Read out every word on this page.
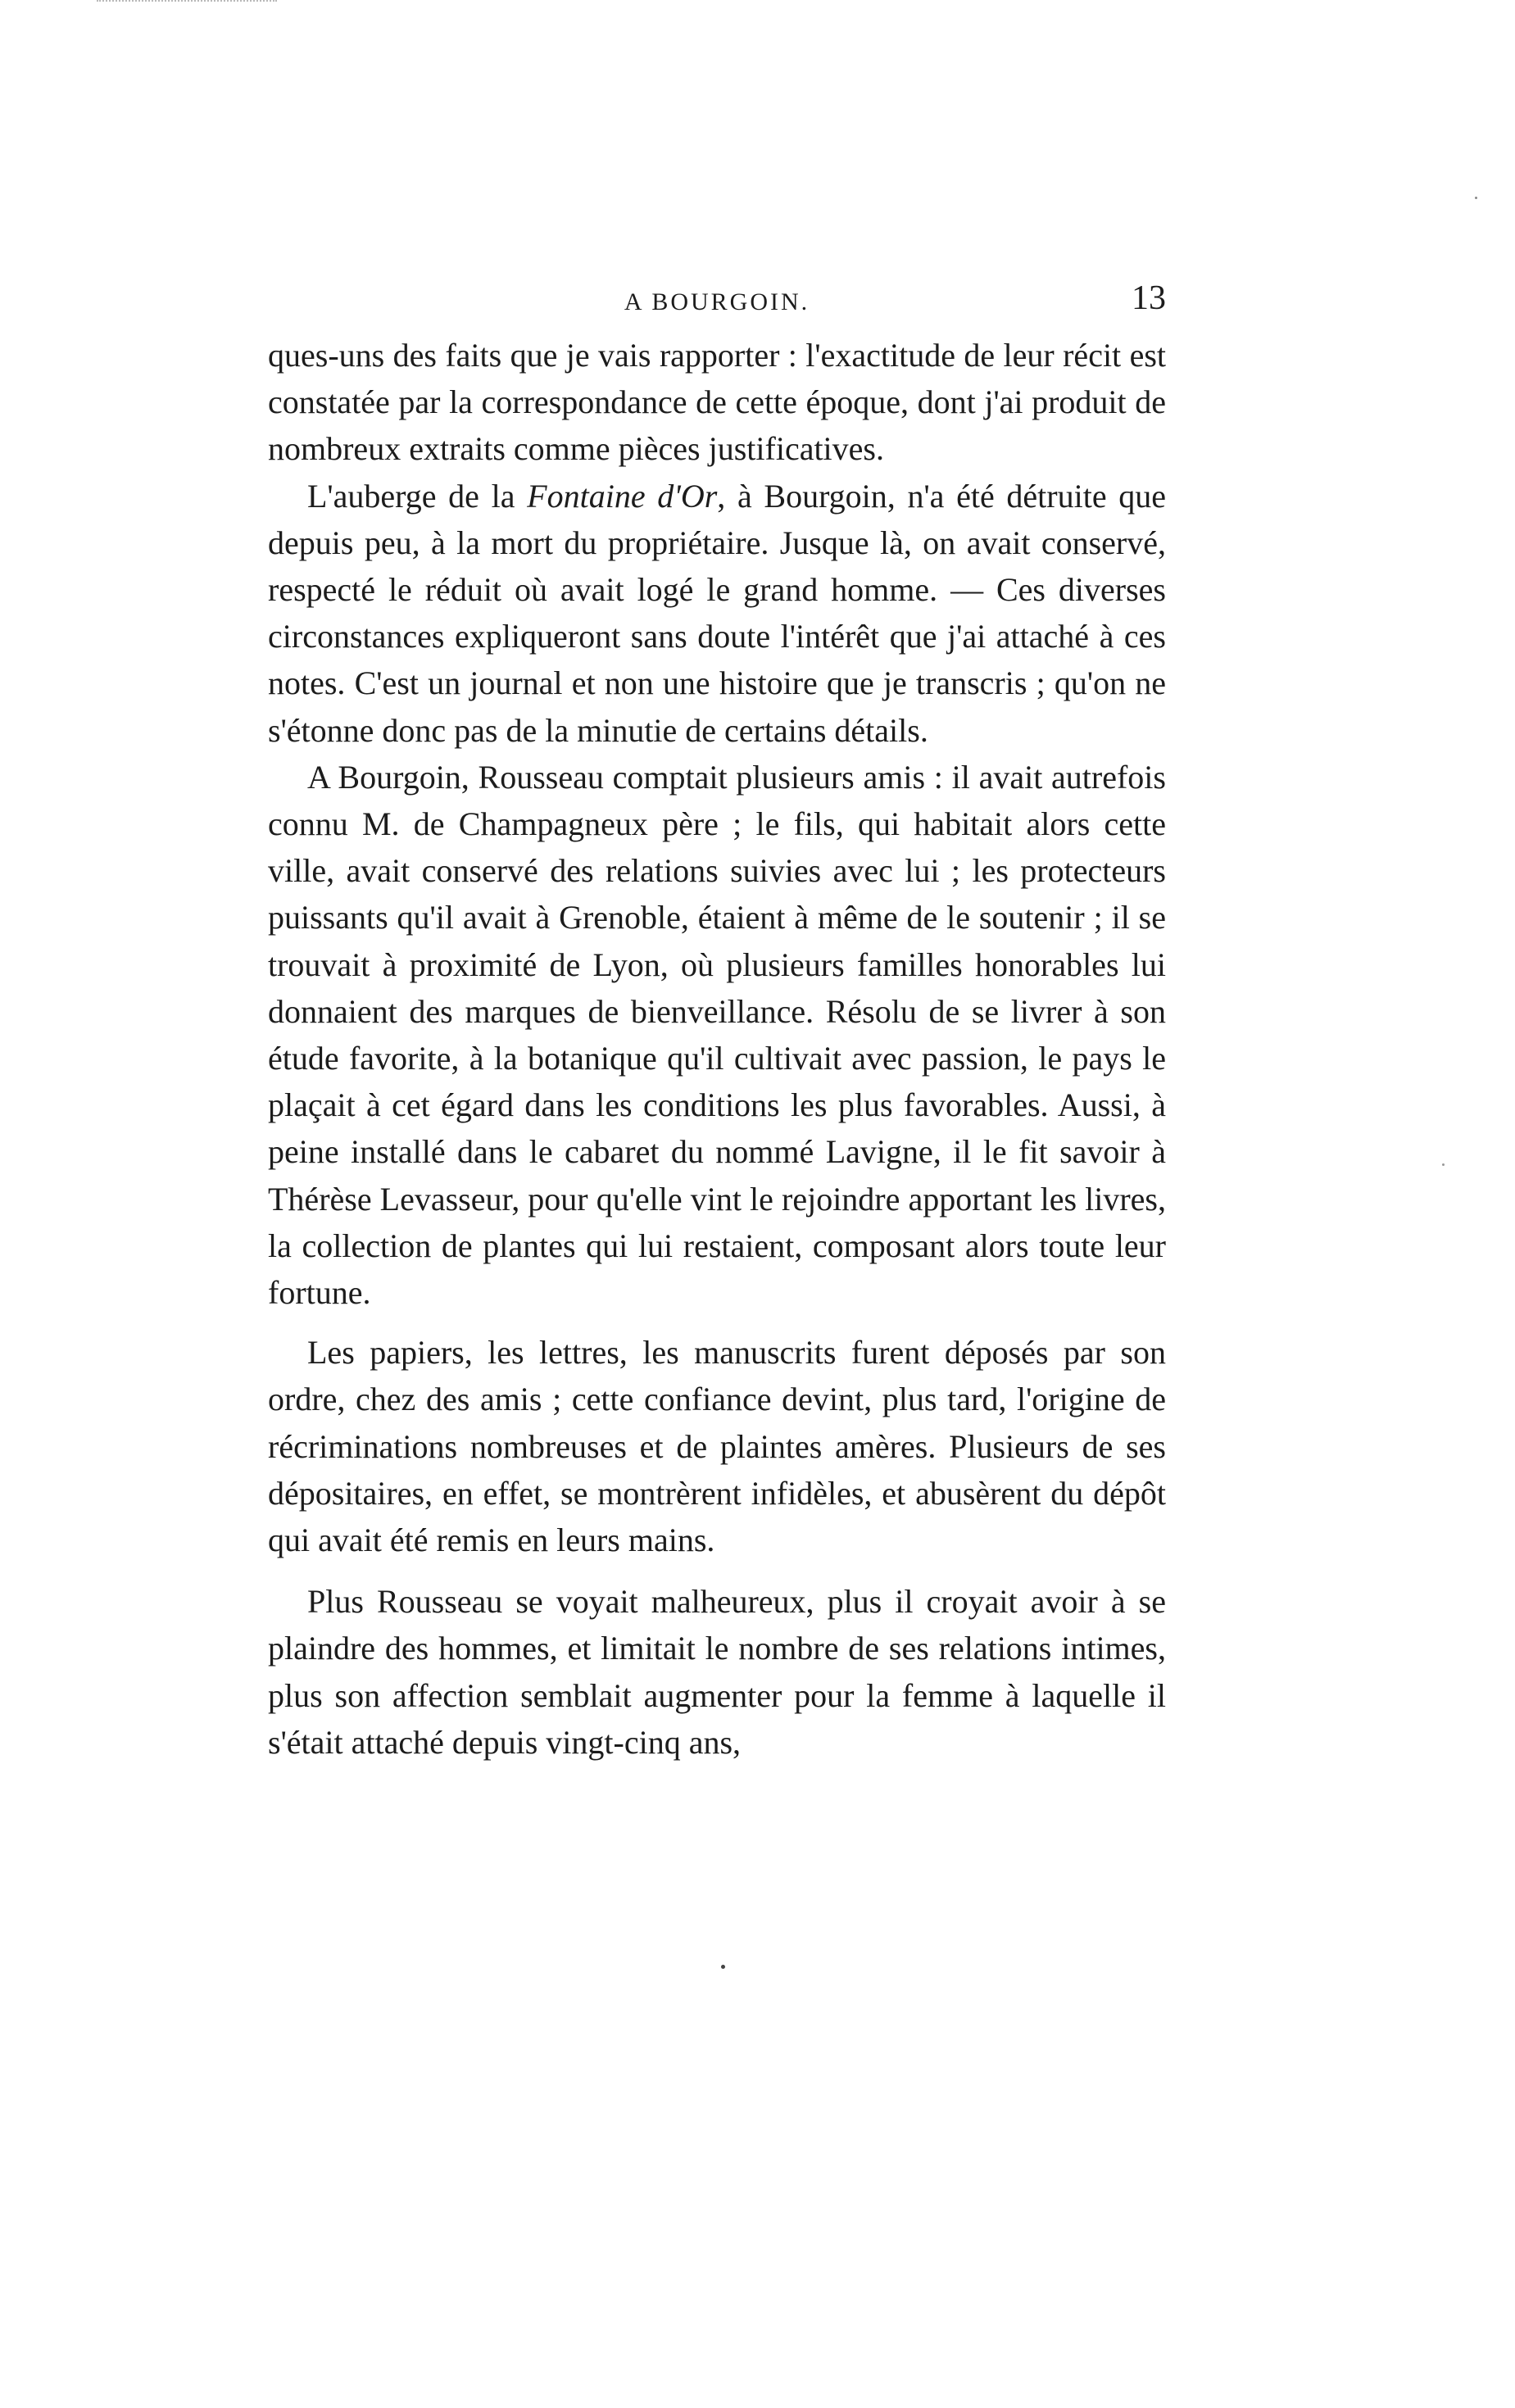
A BOURGOIN.	13

ques-uns des faits que je vais rapporter : l'exactitude de leur récit est constatée par la correspondance de cette époque, dont j'ai produit de nombreux extraits comme pièces justificatives.

L'auberge de la Fontaine d'Or, à Bourgoin, n'a été détruite que depuis peu, à la mort du propriétaire. Jusque là, on avait conservé, respecté le réduit où avait logé le grand homme. — Ces diverses circonstances expliqueront sans doute l'intérêt que j'ai attaché à ces notes. C'est un journal et non une histoire que je transcris ; qu'on ne s'étonne donc pas de la minutie de certains détails.

A Bourgoin, Rousseau comptait plusieurs amis : il avait autrefois connu M. de Champagneux père ; le fils, qui habitait alors cette ville, avait conservé des relations suivies avec lui ; les protecteurs puissants qu'il avait à Grenoble, étaient à même de le soutenir ; il se trouvait à proximité de Lyon, où plusieurs familles honorables lui donnaient des marques de bienveillance. Résolu de se livrer à son étude favorite, à la botanique qu'il cultivait avec passion, le pays le plaçait à cet égard dans les conditions les plus favorables. Aussi, à peine installé dans le cabaret du nommé Lavigne, il le fit savoir à Thérèse Levasseur, pour qu'elle vint le rejoindre apportant les livres, la collection de plantes qui lui restaient, composant alors toute leur fortune.

Les papiers, les lettres, les manuscrits furent déposés par son ordre, chez des amis ; cette confiance devint, plus tard, l'origine de récriminations nombreuses et de plaintes amères. Plusieurs de ses dépositaires, en effet, se montrèrent infidèles, et abusèrent du dépôt qui avait été remis en leurs mains.

Plus Rousseau se voyait malheureux, plus il croyait avoir à se plaindre des hommes, et limitait le nombre de ses relations intimes, plus son affection semblait augmenter pour la femme à laquelle il s'était attaché depuis vingt-cinq ans,
